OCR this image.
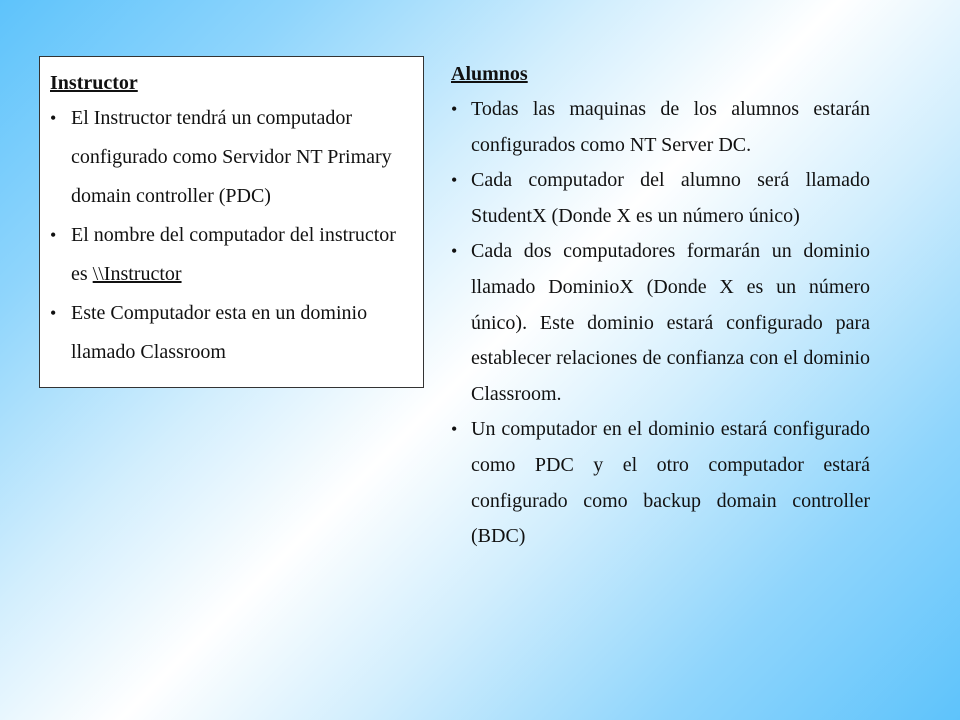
Instructor

• El Instructor tendrá un computador configurado como Servidor NT Primary domain controller (PDC)
• El nombre del computador del instructor es \\Instructor
• Este Computador esta en un dominio llamado Classroom

Alumnos

• Todas las maquinas de los alumnos estarán configurados como NT Server DC.
• Cada computador del alumno será llamado StudentX (Donde X es un número único)
• Cada dos computadores formarán un dominio llamado DominioX (Donde X es un número único). Este dominio estará configurado para establecer relaciones de confianza con el dominio Classroom.
• Un computador en el dominio estará configurado como PDC y el otro computador estará configurado como backup domain controller (BDC)
